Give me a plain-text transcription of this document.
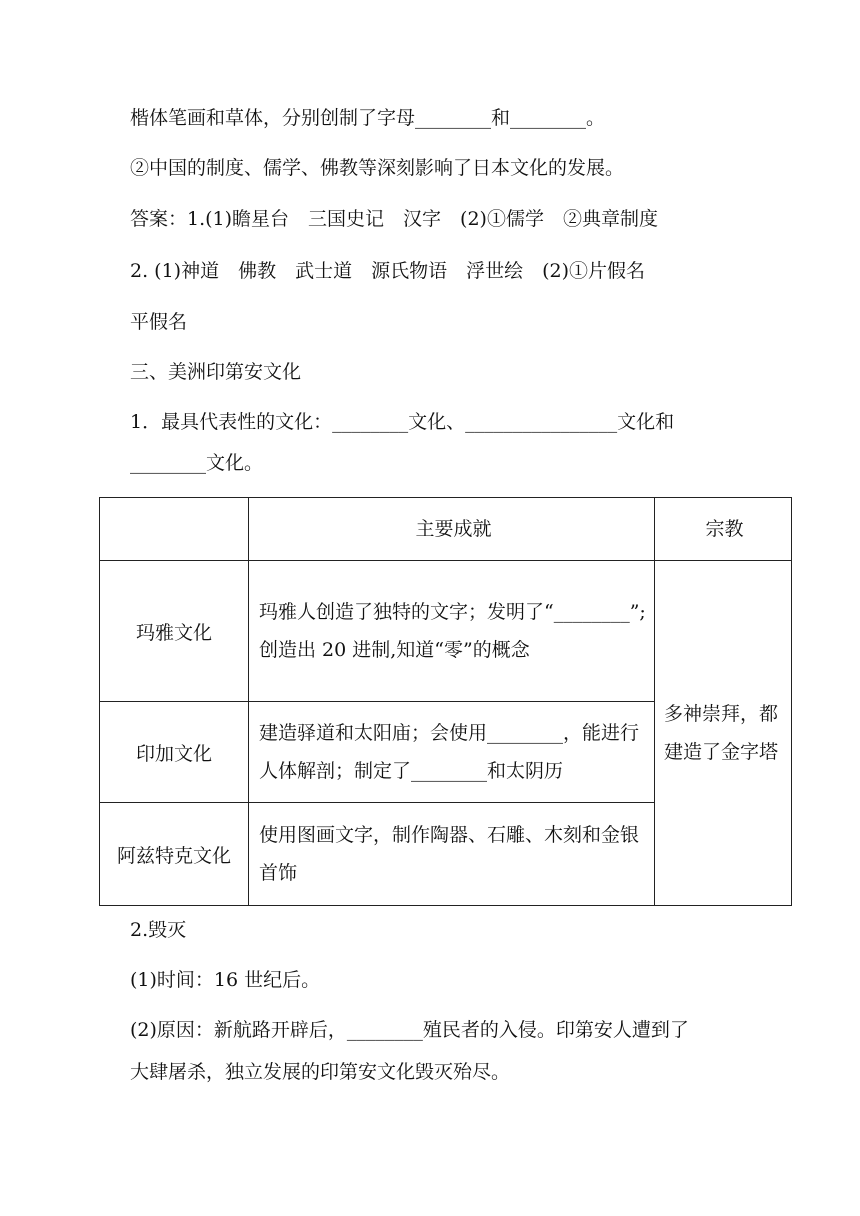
楷体笔画和草体，分别创制了字母________和________。
②中国的制度、儒学、佛教等深刻影响了日本文化的发展。
答案：1.(1)瞻星台　三国史记　汉字　(2)①儒学　②典章制度
2. (1)神道　佛教　武士道　源氏物语　浮世绘　(2)①片假名
平假名
三、美洲印第安文化
1．最具代表性的文化：________文化、________________文化和
________文化。
	主要成就	宗教
玛雅文化	玛雅人创造了独特的文字；发明了“________”;创造出 20 进制,知道“零”的概念	多神崇拜，都建造了金字塔
印加文化	建造驿道和太阳庙；会使用________，能进行人体解剖；制定了________和太阴历	
阿兹特克文化	使用图画文字，制作陶器、石雕、木刻和金银首饰	
2.毁灭
(1)时间：16 世纪后。
(2)原因：新航路开辟后，________殖民者的入侵。印第安人遭到了
大肆屠杀，独立发展的印第安文化毁灭殆尽。
